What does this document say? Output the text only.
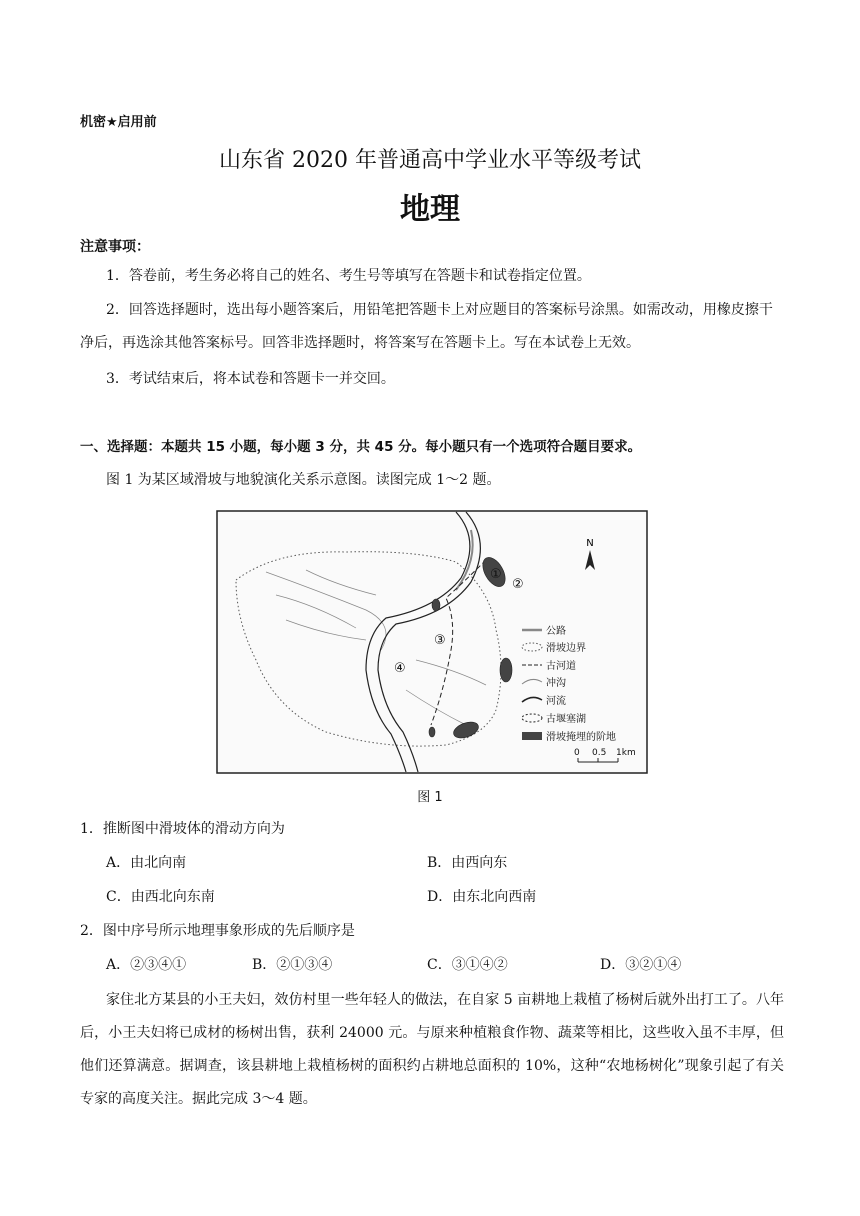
机密★启用前
山东省 2020 年普通高中学业水平等级考试
地理
注意事项：
1．答卷前，考生务必将自己的姓名、考生号等填写在答题卡和试卷指定位置。
2．回答选择题时，选出每小题答案后，用铅笔把答题卡上对应题目的答案标号涂黑。如需改动，用橡皮擦干净后，再选涂其他答案标号。回答非选择题时，将答案写在答题卡上。写在本试卷上无效。
3．考试结束后，将本试卷和答题卡一并交回。
一、选择题：本题共 15 小题，每小题 3 分，共 45 分。每小题只有一个选项符合题目要求。
图 1 为某区域滑坡与地貌演化关系示意图。读图完成 1～2 题。
①
②
③
④
N
公路
滑坡边界
古河道
冲沟
河流
古堰塞湖
滑坡掩埋的阶地
0 0.5 1km
图 1
1．推断图中滑坡体的滑动方向为
A．由北向南	B．由西向东
C．由西北向东南	D．由东北向西南
2．图中序号所示地理事象形成的先后顺序是
A．②③④①	B．②①③④	C．③①④②	D．③②①④
家住北方某县的小王夫妇，效仿村里一些年轻人的做法，在自家 5 亩耕地上栽植了杨树后就外出打工了。八年后，小王夫妇将已成材的杨树出售，获利 24000 元。与原来种植粮食作物、蔬菜等相比，这些收入虽不丰厚，但他们还算满意。据调查，该县耕地上栽植杨树的面积约占耕地总面积的 10%，这种“农地杨树化”现象引起了有关专家的高度关注。据此完成 3～4 题。
